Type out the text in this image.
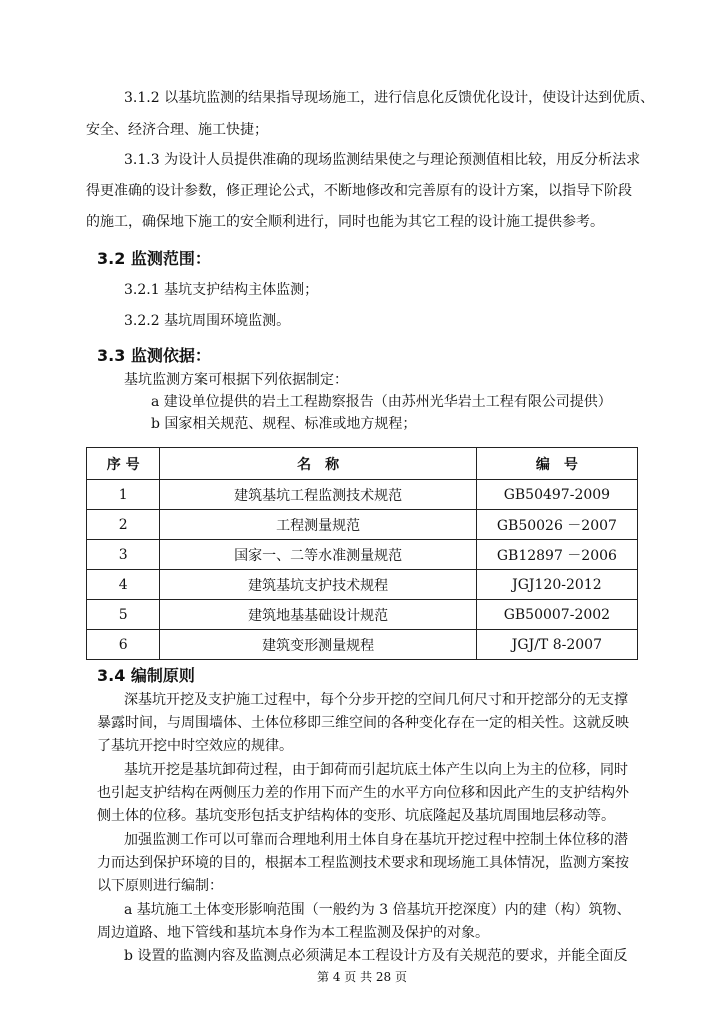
3.1.2 以基坑监测的结果指导现场施工，进行信息化反馈优化设计，使设计达到优质、
安全、经济合理、施工快捷；
3.1.3 为设计人员提供准确的现场监测结果使之与理论预测值相比较，用反分析法求
得更准确的设计参数，修正理论公式，不断地修改和完善原有的设计方案，以指导下阶段
的施工，确保地下施工的安全顺利进行，同时也能为其它工程的设计施工提供参考。
3.2 监测范围：
3.2.1 基坑支护结构主体监测；
3.2.2 基坑周围环境监测。
3.3 监测依据：
基坑监测方案可根据下列依据制定：
a 建设单位提供的岩土工程勘察报告（由苏州光华岩土工程有限公司提供）
b 国家相关规范、规程、标准或地方规程；
序 号	名　称	编　号
1	建筑基坑工程监测技术规范	GB50497-2009
2	工程测量规范	GB50026 －2007
3	国家一、二等水准测量规范	GB12897 －2006
4	建筑基坑支护技术规程	JGJ120-2012
5	建筑地基基础设计规范	GB50007-2002
6	建筑变形测量规程	JGJ/T 8-2007
3.4 编制原则
深基坑开挖及支护施工过程中，每个分步开挖的空间几何尺寸和开挖部分的无支撑
暴露时间，与周围墙体、土体位移即三维空间的各种变化存在一定的相关性。这就反映
了基坑开挖中时空效应的规律。
基坑开挖是基坑卸荷过程，由于卸荷而引起坑底土体产生以向上为主的位移，同时
也引起支护结构在两侧压力差的作用下而产生的水平方向位移和因此产生的支护结构外
侧土体的位移。基坑变形包括支护结构体的变形、坑底隆起及基坑周围地层移动等。
加强监测工作可以可靠而合理地利用土体自身在基坑开挖过程中控制土体位移的潜
力而达到保护环境的目的，根据本工程监测技术要求和现场施工具体情况，监测方案按
以下原则进行编制：
a 基坑施工土体变形影响范围（一般约为 3 倍基坑开挖深度）内的建（构）筑物、
周边道路、地下管线和基坑本身作为本工程监测及保护的对象。
b 设置的监测内容及监测点必须满足本工程设计方及有关规范的要求，并能全面反
第 4 页 共 28 页
